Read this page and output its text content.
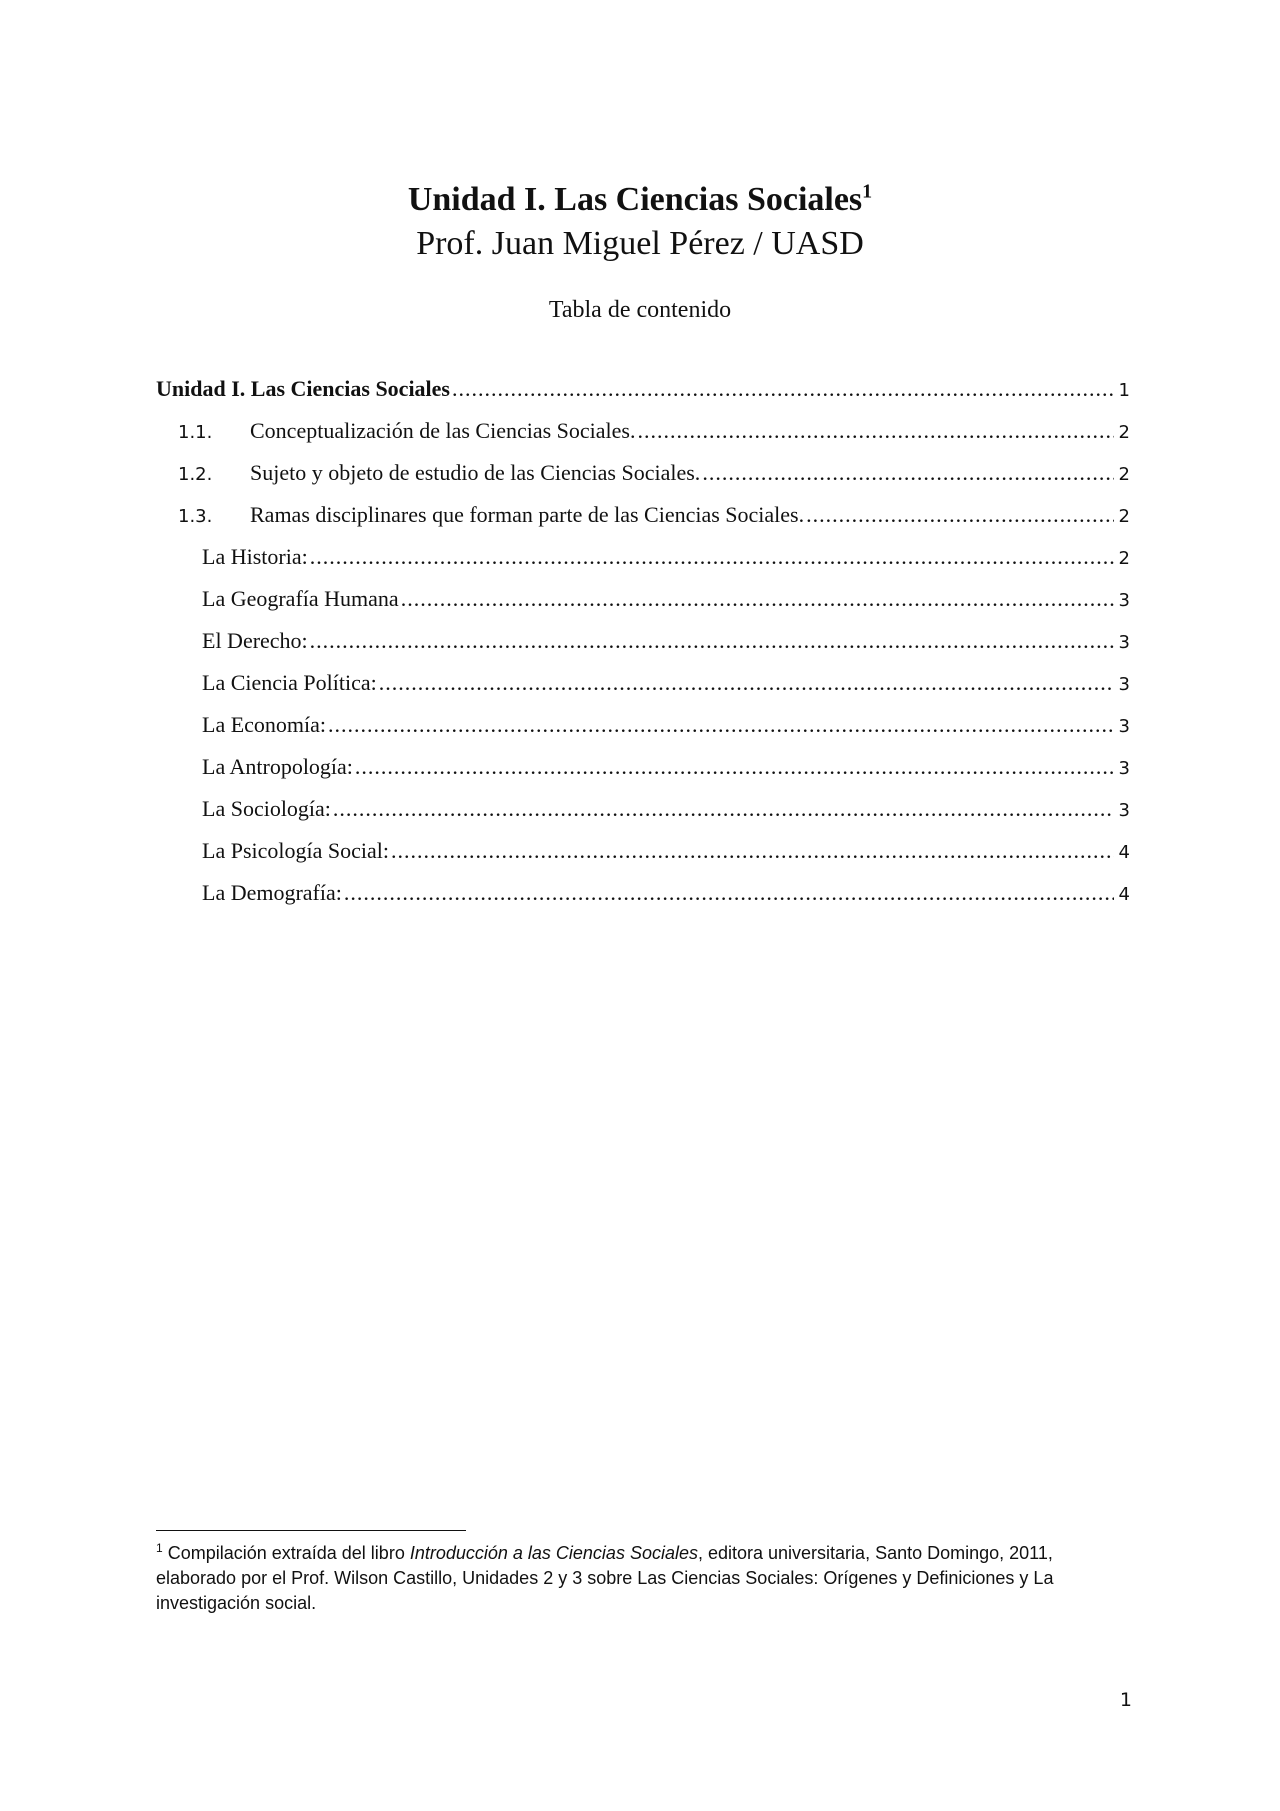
Unidad I. Las Ciencias Sociales$^1$
Prof. Juan Miguel Pérez / UASD
Tabla de contenido
Unidad I. Las Ciencias Sociales .....	1
1.1.	Conceptualización de las Ciencias Sociales. .....	2
1.2.	Sujeto y objeto de estudio de las Ciencias Sociales. .....	2
1.3.	Ramas disciplinares que forman parte de las Ciencias Sociales. .....	2
La Historia: .....	2
La Geografía Humana .....	3
El Derecho: .....	3
La Ciencia Política: .....	3
La Economía: .....	3
La Antropología: .....	3
La Sociología: .....	3
La Psicología Social: .....	4
La Demografía: .....	4
$^1$ Compilación extraída del libro Introducción a las Ciencias Sociales, editora universitaria, Santo Domingo, 2011, elaborado por el Prof. Wilson Castillo, Unidades 2 y 3 sobre Las Ciencias Sociales: Orígenes y Definiciones y La investigación social.
1
